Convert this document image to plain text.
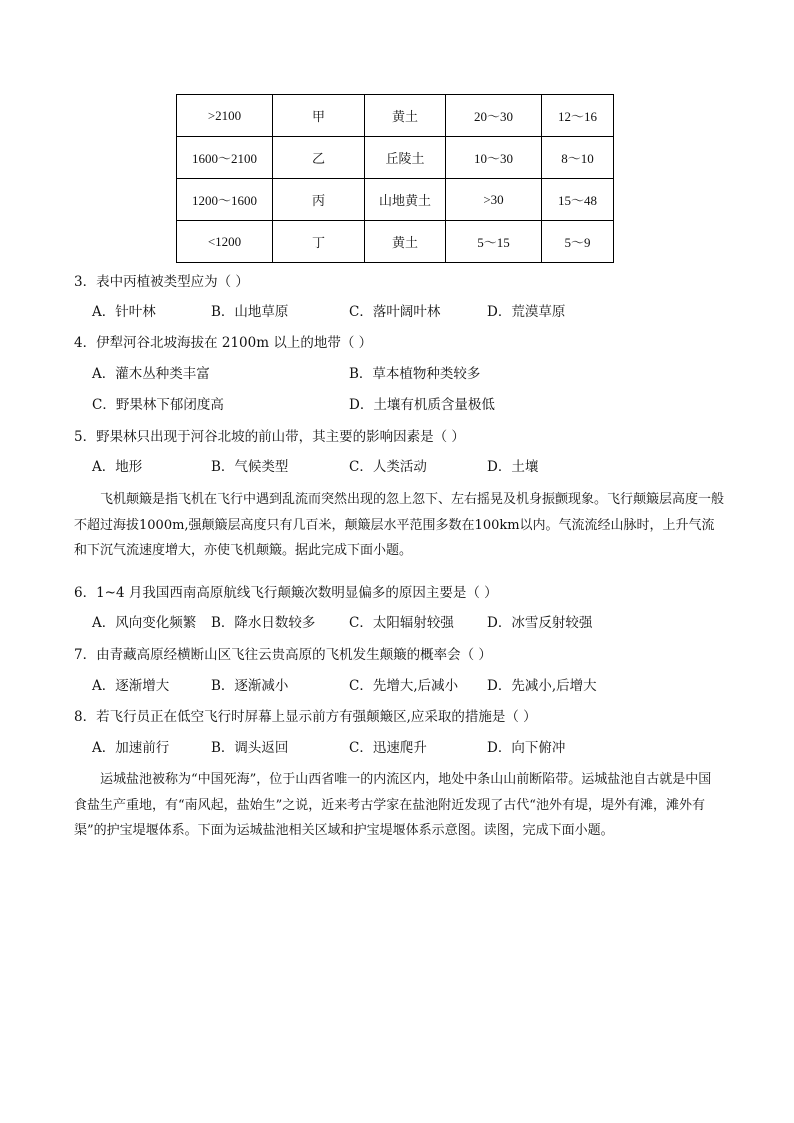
>2100	甲	黄土	20～30	12～16
1600～2100	乙	丘陵土	10～30	8～10
1200～1600	丙	山地黄土	>30	15～48
<1200	丁	黄土	5～15	5～9
3．表中丙植被类型应为（ ）
A．针叶林	B．山地草原	C．落叶阔叶林	D．荒漠草原
4．伊犁河谷北坡海拔在 2100m 以上的地带（ ）
A．灌木丛种类丰富	B．草本植物种类较多
C．野果林下郁闭度高	D．土壤有机质含量极低
5．野果林只出现于河谷北坡的前山带，其主要的影响因素是（ ）
A．地形	B．气候类型	C．人类活动	D．土壤
飞机颠簸是指飞机在飞行中遇到乱流而突然出现的忽上忽下、左右摇晃及机身振颤现象。飞行颠簸层高度一般不超过海拔1000m,强颠簸层高度只有几百米，颠簸层水平范围多数在100km以内。气流流经山脉时，上升气流和下沉气流速度增大，亦使飞机颠簸。据此完成下面小题。
6．1~4 月我国西南高原航线飞行颠簸次数明显偏多的原因主要是（ ）
A．风向变化频繁 B．降水日数较多 C．太阳辐射较强 D．冰雪反射较强
7．由青藏高原经横断山区飞往云贵高原的飞机发生颠簸的概率会（ ）
A．逐渐增大	B．逐渐减小	C．先增大,后减小 D．先减小,后增大
8．若飞行员正在低空飞行时屏幕上显示前方有强颠簸区,应采取的措施是（ ）
A．加速前行	B．调头返回	C．迅速爬升	D．向下俯冲
运城盐池被称为“中国死海”，位于山西省唯一的内流区内，地处中条山山前断陷带。运城盐池自古就是中国食盐生产重地，有“南风起，盐始生”之说，近来考古学家在盐池附近发现了古代“池外有堤，堤外有滩，滩外有渠”的护宝堤堰体系。下面为运城盐池相关区域和护宝堤堰体系示意图。读图，完成下面小题。
